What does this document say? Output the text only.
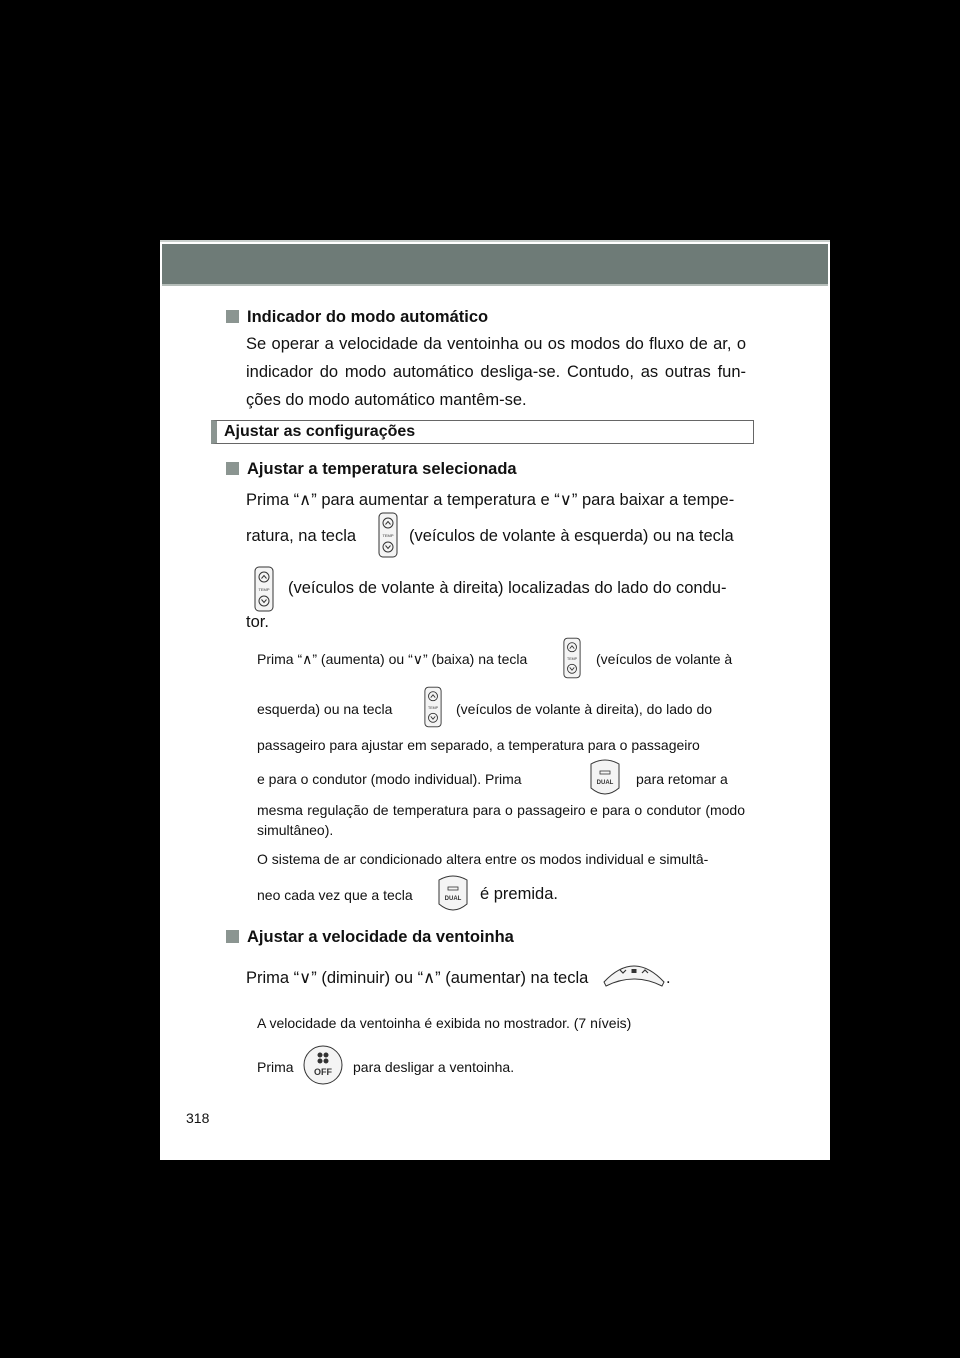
Indicador do modo automático
Se operar a velocidade da ventoinha ou os modos do fluxo de ar, o indicador do modo automático desliga-se. Contudo, as outras fun- ções do modo automático mantêm-se.
Ajustar as configurações
Ajustar a temperatura selecionada
Prima “∧” para aumentar a temperatura e “∨” para baixar a tempe-
ratura, na tecla	TEMP (veículos de volante à esquerda) ou na tecla
TEMP (veículos de volante à direita) localizadas do lado do condu-
tor.
Prima “∧” (aumenta) ou “∨” (baixa) na tecla	TEMP (veículos de volante à
esquerda) ou na tecla	TEMP (veículos de volante à direita), do lado do
passageiro para ajustar em separado, a temperatura para o passageiro
e para o condutor (modo individual). Prima	DUAL para retomar a
mesma regulação de temperatura para o passageiro e para o condutor (modo simultâneo).
O sistema de ar condicionado altera entre os modos individual e simultâ-
neo cada vez que a tecla	DUAL é premida.
Ajustar a velocidade da ventoinha
Prima “∨” (diminuir) ou “∧” (aumentar) na tecla	.
A velocidade da ventoinha é exibida no mostrador. (7 níveis)
Prima OFF para desligar a ventoinha.
318
